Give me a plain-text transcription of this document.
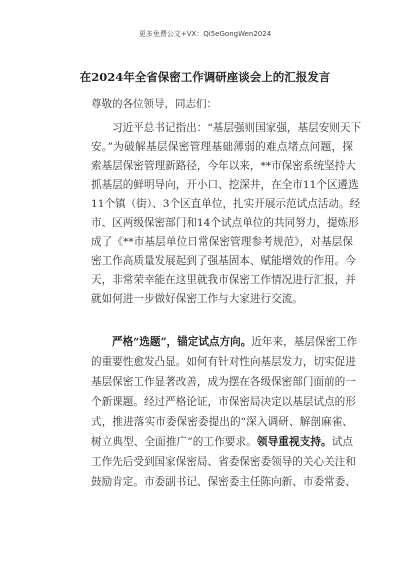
更多免费公文+VX：Qi5eGongWen2024
在2024年全省保密工作调研座谈会上的汇报发言
尊敬的各位领导，同志们：
习近平总书记指出：“基层强则国家强，基层安则天下
安。”为破解基层保密管理基础薄弱的难点堵点问题，探
索基层保密管理新路径，今年以来，**市保密系统坚持大
抓基层的鲜明导向，开小口、挖深井，在全市11个区遴选
11个镇（街）、3个区直单位，扎实开展示范试点活动。经
市、区两级保密部门和14个试点单位的共同努力，提炼形
成了《**市基层单位日常保密管理参考规范》，对基层保
密工作高质量发展起到了强基固本、赋能增效的作用。今
天，非常荣幸能在这里就我市保密工作情况进行汇报，并
就如何进一步做好保密工作与大家进行交流。
严格“选题”，锚定试点方向。近年来，基层保密工作
的重要性愈发凸显。如何有针对性向基层发力，切实促进
基层保密工作显著改善，成为摆在各级保密部门面前的一
个新课题。经过严格论证，市保密局决定以基层试点的形
式，推进落实市委保密委提出的“深入调研、解剖麻雀、
树立典型、全面推广”的工作要求。领导重视支持。试点
工作先后受到国家保密局、省委保密委领导的关心关注和
鼓励肯定。市委副书记、保密委主任陈向新、市委常委、
